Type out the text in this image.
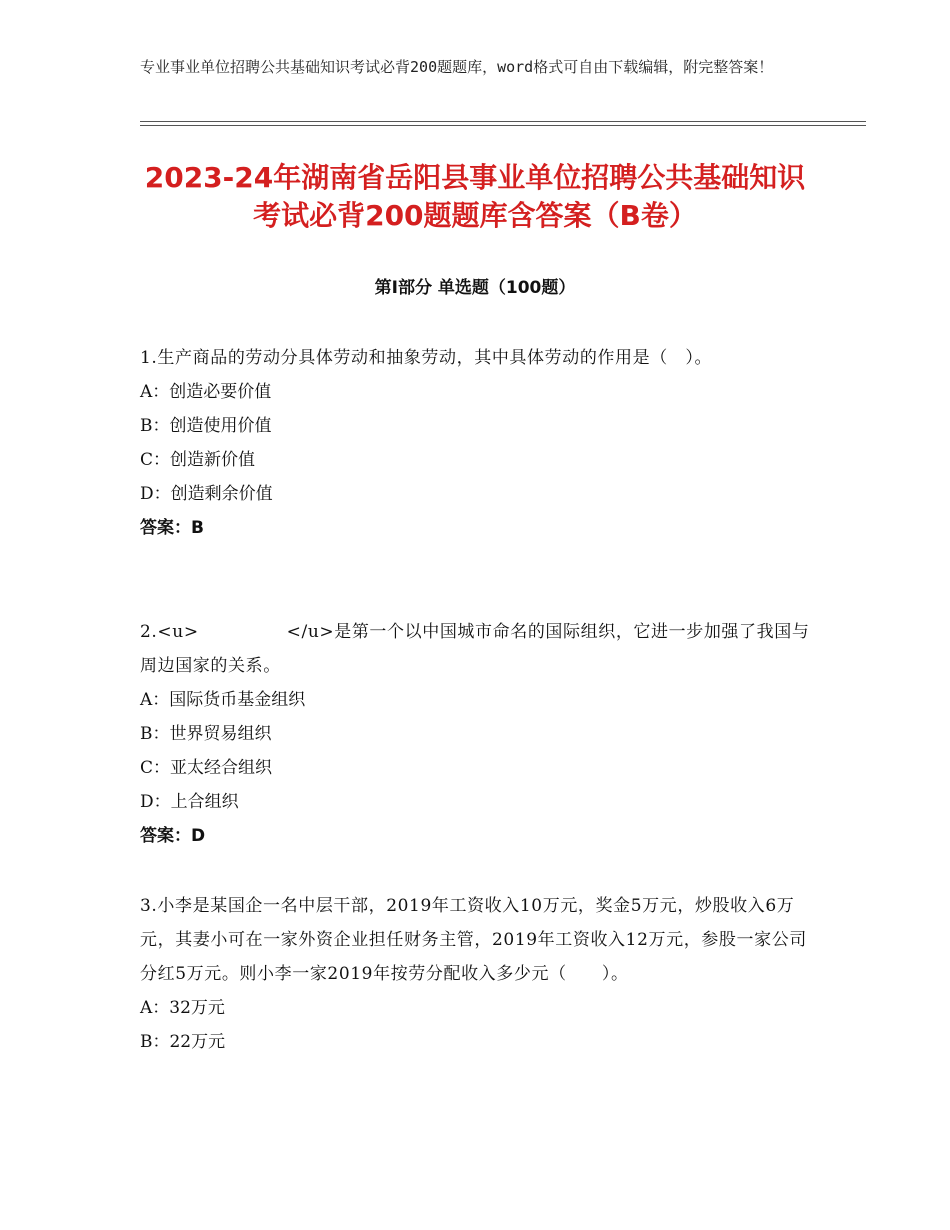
专业事业单位招聘公共基础知识考试必背200题题库，word格式可自由下载编辑，附完整答案！
2023-24年湖南省岳阳县事业单位招聘公共基础知识考试必背200题题库含答案（B卷）
第Ⅰ部分 单选题（100题）

1.生产商品的劳动分具体劳动和抽象劳动，其中具体劳动的作用是（　）。

A：创造必要价值

B：创造使用价值

C：创造新价值

D：创造剩余价值

答案：B

2.<u>　　　　　</u>是第一个以中国城市命名的国际组织，它进一步加强了我国与周边国家的关系。

A：国际货币基金组织

B：世界贸易组织

C：亚太经合组织

D：上合组织

答案：D

3.小李是某国企一名中层干部，2019年工资收入10万元，奖金5万元，炒股收入6万元，其妻小可在一家外资企业担任财务主管，2019年工资收入12万元，参股一家公司分红5万元。则小李一家2019年按劳分配收入多少元（　　）。

A：32万元

B：22万元
